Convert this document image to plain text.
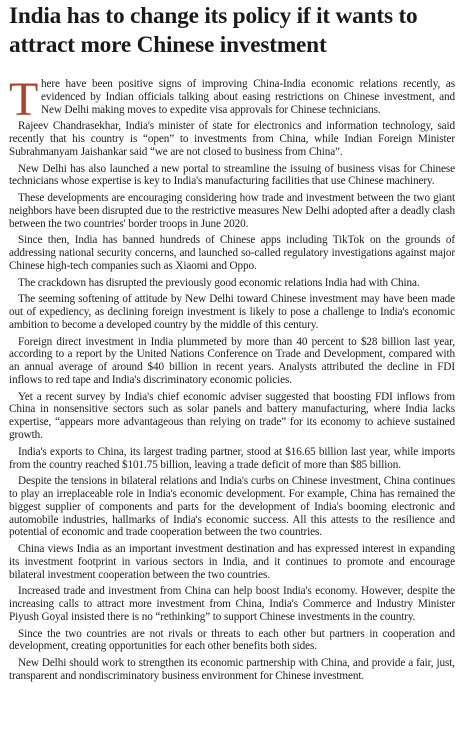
India has to change its policy if it wants to attract more Chinese investment
T here have been positive signs of improving China-India economic relations recently, as evidenced by Indian officials talking about easing restrictions on Chinese investment, and New Delhi making moves to expedite visa approvals for Chinese technicians.

Rajeev Chandrasekhar, India's minister of state for electronics and information technology, said recently that his country is “open” to investments from China, while Indian Foreign Minister Subrahmanyam Jaishankar said “we are not closed to business from China”.

New Delhi has also launched a new portal to streamline the issuing of business visas for Chinese technicians whose expertise is key to India's manufacturing facilities that use Chinese machinery.

These developments are encouraging considering how trade and investment between the two giant neighbors have been disrupted due to the restrictive measures New Delhi adopted after a deadly clash between the two countries' border troops in June 2020.

Since then, India has banned hundreds of Chinese apps including TikTok on the grounds of addressing national security concerns, and launched so-called regulatory investigations against major Chinese high-tech companies such as Xiaomi and Oppo.

The crackdown has disrupted the previously good economic relations India had with China.

The seeming softening of attitude by New Delhi toward Chinese investment may have been made out of expediency, as declining foreign investment is likely to pose a challenge to India's economic ambition to become a developed country by the middle of this century.

Foreign direct investment in India plummeted by more than 40 percent to $28 billion last year, according to a report by the United Nations Conference on Trade and Development, compared with an annual average of around $40 billion in recent years. Analysts attributed the decline in FDI inflows to red tape and India's discriminatory economic policies.

Yet a recent survey by India's chief economic adviser suggested that boosting FDI inflows from China in nonsensitive sectors such as solar panels and battery manufacturing, where India lacks expertise, “appears more advantageous than relying on trade” for its economy to achieve sustained growth.

India's exports to China, its largest trading partner, stood at $16.65 billion last year, while imports from the country reached $101.75 billion, leaving a trade deficit of more than $85 billion.

Despite the tensions in bilateral relations and India's curbs on Chinese investment, China continues to play an irreplaceable role in India's economic development. For example, China has remained the biggest supplier of components and parts for the development of India's booming electronic and automobile industries, hallmarks of India's economic success. All this attests to the resilience and potential of economic and trade cooperation between the two countries.

China views India as an important investment destination and has expressed interest in expanding its investment footprint in various sectors in India, and it continues to promote and encourage bilateral investment cooperation between the two countries.

Increased trade and investment from China can help boost India's economy. However, despite the increasing calls to attract more investment from China, India's Commerce and Industry Minister Piyush Goyal insisted there is no “rethinking” to support Chinese investments in the country.

Since the two countries are not rivals or threats to each other but partners in cooperation and development, creating opportunities for each other benefits both sides.

New Delhi should work to strengthen its economic partnership with China, and provide a fair, just, transparent and nondiscriminatory business environment for Chinese investment.
